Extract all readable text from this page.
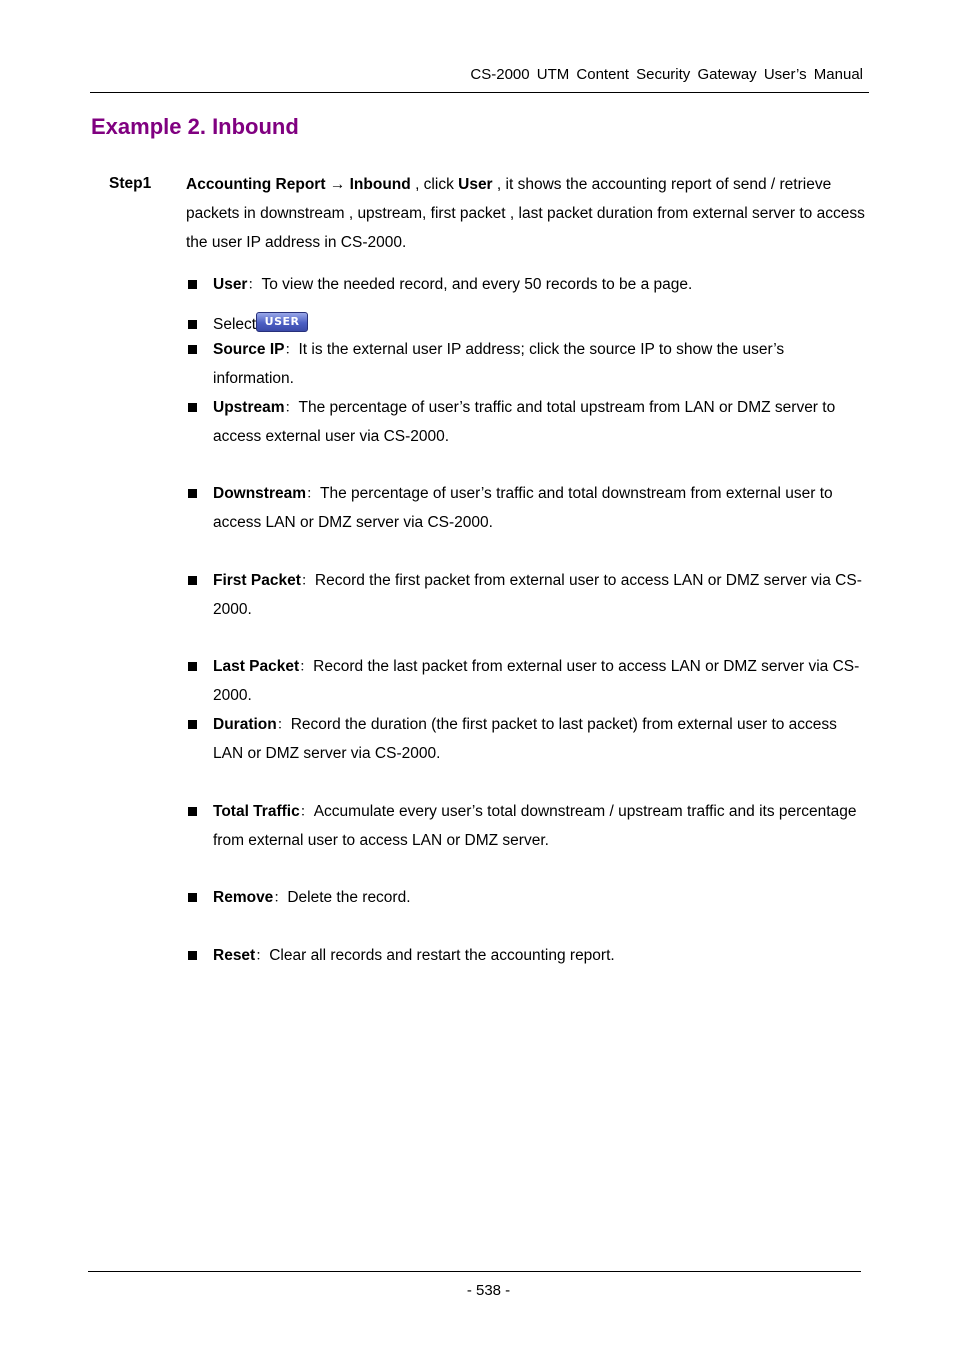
CS-2000 UTM Content Security Gateway User’s Manual
Example 2. Inbound
Step1 Accounting Report → Inbound , click User , it shows the accounting report of send / retrieve packets in downstream , upstream, first packet , last packet duration from external server to access the user IP address in CS-2000.
User：To view the needed record, and every 50 records to be a page.
Select USER
Source IP：It is the external user IP address; click the source IP to show the user’s information.
Upstream：The percentage of user’s traffic and total upstream from LAN or DMZ server to access external user via CS-2000.
Downstream：The percentage of user’s traffic and total downstream from external user to access LAN or DMZ server via CS-2000.
First Packet：Record the first packet from external user to access LAN or DMZ server via CS-2000.
Last Packet：Record the last packet from external user to access LAN or DMZ server via CS-2000.
Duration：Record the duration (the first packet to last packet) from external user to access LAN or DMZ server via CS-2000.
Total Traffic：Accumulate every user’s total downstream / upstream traffic and its percentage from external user to access LAN or DMZ server.
Remove：Delete the record.
Reset：Clear all records and restart the accounting report.
- 538 -
